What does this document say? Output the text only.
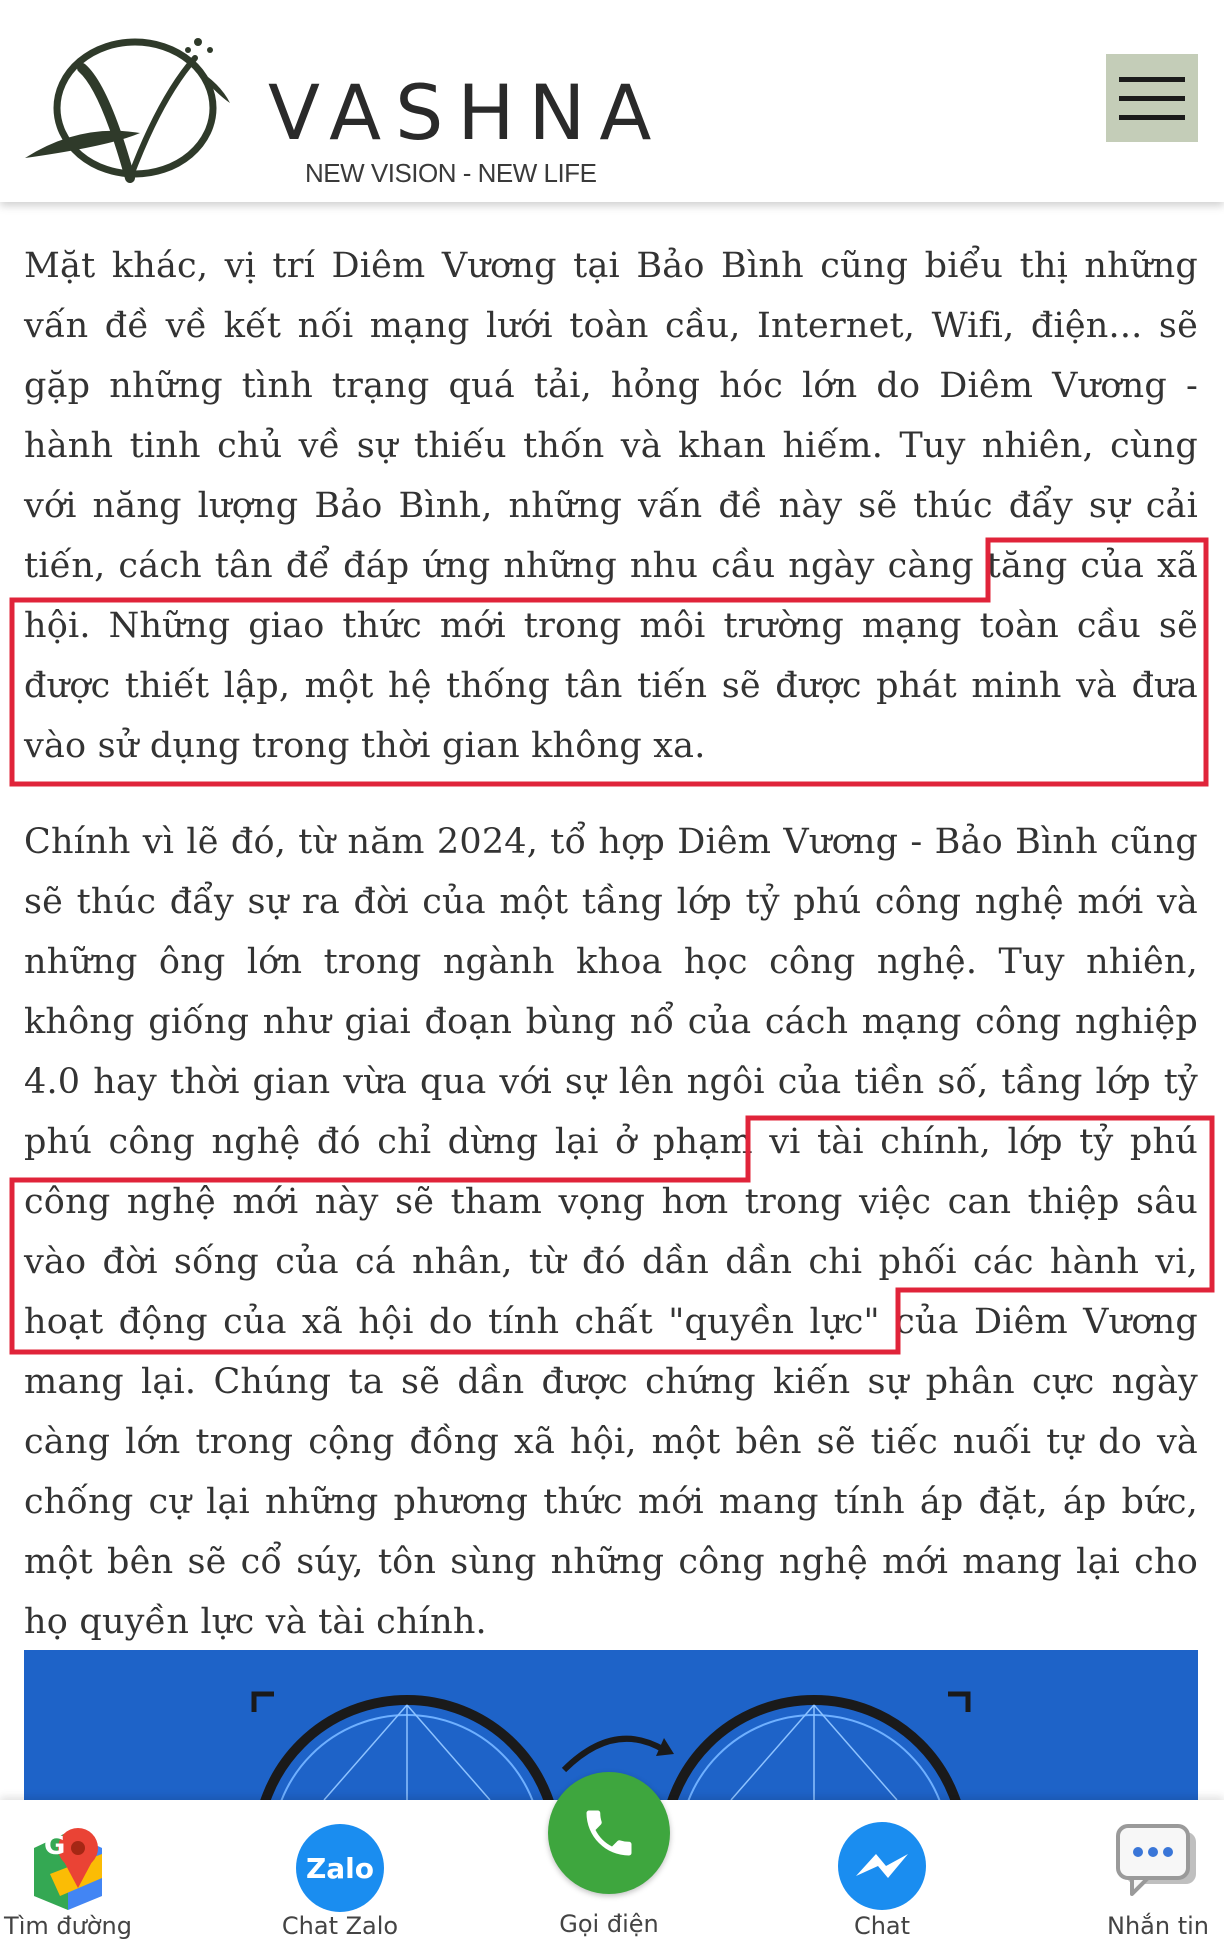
VASHNA
NEW VISION - NEW LIFE

Mặt khác, vị trí Diêm Vương tại Bảo Bình cũng biểu thị những vấn đề về kết nối mạng lưới toàn cầu, Internet, Wifi, điện... sẽ gặp những tình trạng quá tải, hỏng hóc lớn do Diêm Vương - hành tinh chủ về sự thiếu thốn và khan hiếm. Tuy nhiên, cùng với năng lượng Bảo Bình, những vấn đề này sẽ thúc đẩy sự cải tiến, cách tân để đáp ứng những nhu cầu ngày càng tăng của xã hội. Những giao thức mới trong môi trường mạng toàn cầu sẽ được thiết lập, một hệ thống tân tiến sẽ được phát minh và đưa vào sử dụng trong thời gian không xa.

Chính vì lẽ đó, từ năm 2024, tổ hợp Diêm Vương - Bảo Bình cũng sẽ thúc đẩy sự ra đời của một tầng lớp tỷ phú công nghệ mới và những ông lớn trong ngành khoa học công nghệ. Tuy nhiên, không giống như giai đoạn bùng nổ của cách mạng công nghiệp 4.0 hay thời gian vừa qua với sự lên ngôi của tiền số, tầng lớp tỷ phú công nghệ đó chỉ dừng lại ở phạm vi tài chính, lớp tỷ phú công nghệ mới này sẽ tham vọng hơn trong việc can thiệp sâu vào đời sống của cá nhân, từ đó dần dần chi phối các hành vi, hoạt động của xã hội do tính chất "quyền lực" của Diêm Vương mang lại. Chúng ta sẽ dần được chứng kiến sự phân cực ngày càng lớn trong cộng đồng xã hội, một bên sẽ tiếc nuối tự do và chống cự lại những phương thức mới mang tính áp đặt, áp bức, một bên sẽ cổ súy, tôn sùng những công nghệ mới mang lại cho họ quyền lực và tài chính.

G
Tìm đường
Zalo
Chat Zalo	Gọi điện	Chat	Nhắn tin
